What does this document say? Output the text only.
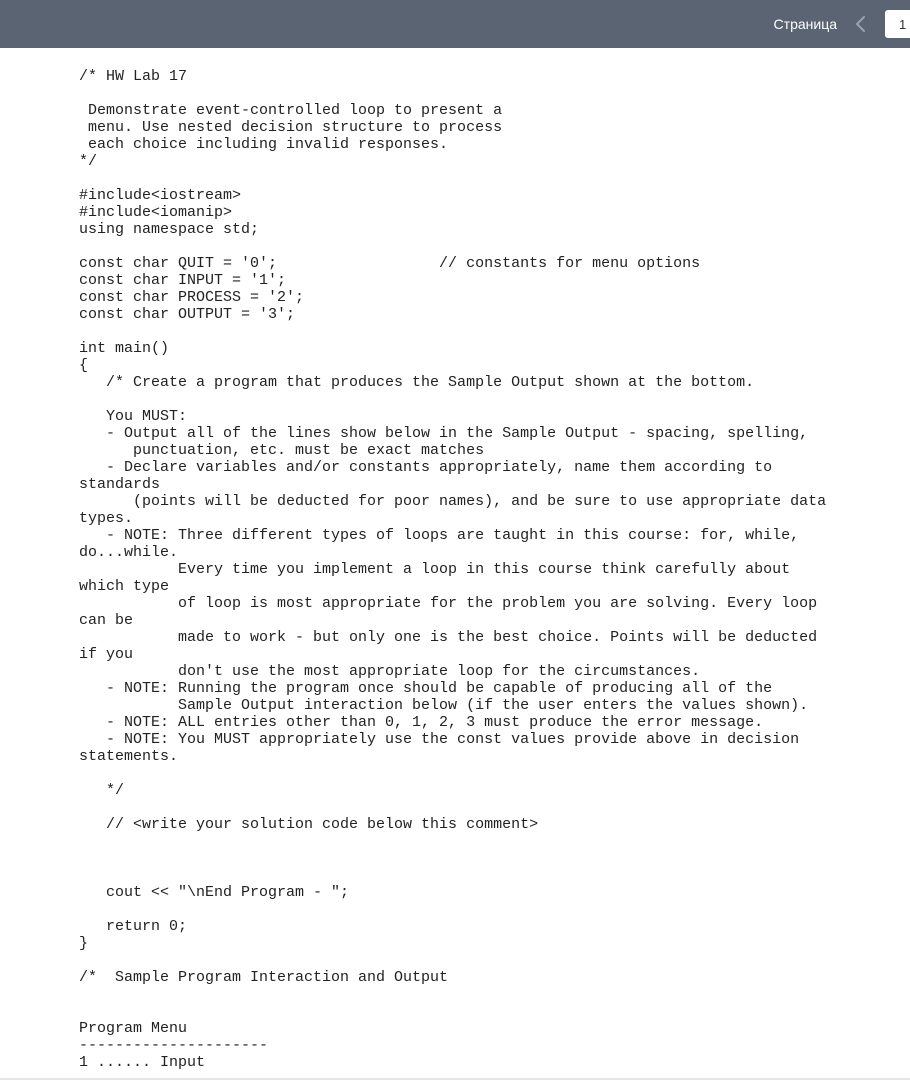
Страница
1
/* HW Lab 17

Demonstrate event-controlled loop to present a
menu. Use nested decision structure to process
each choice including invalid responses.
*/

#include<iostream>
#include<iomanip>
using namespace std;

const char QUIT = '0';                  // constants for menu options
const char INPUT = '1';
const char PROCESS = '2';
const char OUTPUT = '3';

int main()
{
/* Create a program that produces the Sample Output shown at the bottom.

You MUST:
- Output all of the lines show below in the Sample Output - spacing, spelling,
punctuation, etc. must be exact matches
- Declare variables and/or constants appropriately, name them according to
standards
(points will be deducted for poor names), and be sure to use appropriate data
types.
- NOTE: Three different types of loops are taught in this course: for, while,
do...while.
Every time you implement a loop in this course think carefully about
which type
of loop is most appropriate for the problem you are solving. Every loop
can be
made to work - but only one is the best choice. Points will be deducted
if you
don't use the most appropriate loop for the circumstances.
- NOTE: Running the program once should be capable of producing all of the
Sample Output interaction below (if the user enters the values shown).
- NOTE: ALL entries other than 0, 1, 2, 3 must produce the error message.
- NOTE: You MUST appropriately use the const values provide above in decision
statements.

*/

// <write your solution code below this comment>

cout << "\nEnd Program - ";

return 0;
}

/*  Sample Program Interaction and Output

Program Menu
---------------------
1 ...... Input
